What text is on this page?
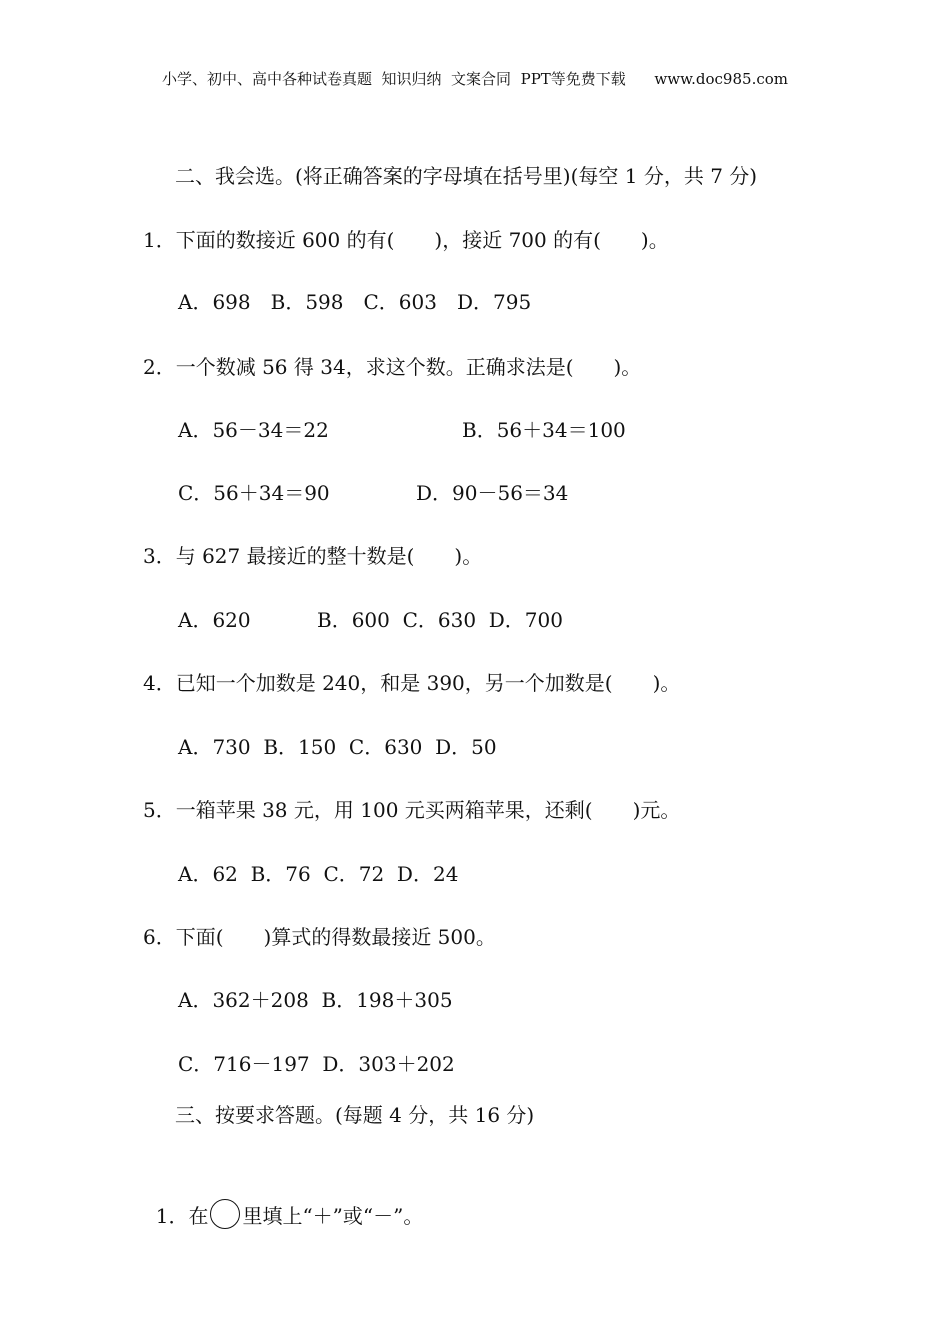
小学、初中、高中各种试卷真题  知识归纳  文案合同  PPT等免费下载      www.doc985.com
二、我会选。(将正确答案的字母填在括号里)(每空 1 分，共 7 分)
1．下面的数接近 600 的有(　　)，接近 700 的有(　　)。
A．698　B．598　C．603　D．795
2．一个数减 56 得 34，求这个数。正确求法是(　　)。
A．56－34＝22	B．56＋34＝100
C．56＋34＝90	D．90－56＝34
3．与 627 最接近的整十数是(　　)。
A．620	B．600  C．630  D．700
4．已知一个加数是 240，和是 390，另一个加数是(　　)。
A．730  B．150  C．630  D．50
5．一箱苹果 38 元，用 100 元买两箱苹果，还剩(　　)元。
A．62  B．76  C．72  D．24
6．下面(　　)算式的得数最接近 500。
A．362＋208  B．198＋305
C．716－197  D．303＋202
三、按要求答题。(每题 4 分，共 16 分)

1．在 里填上“＋”或“－”。
